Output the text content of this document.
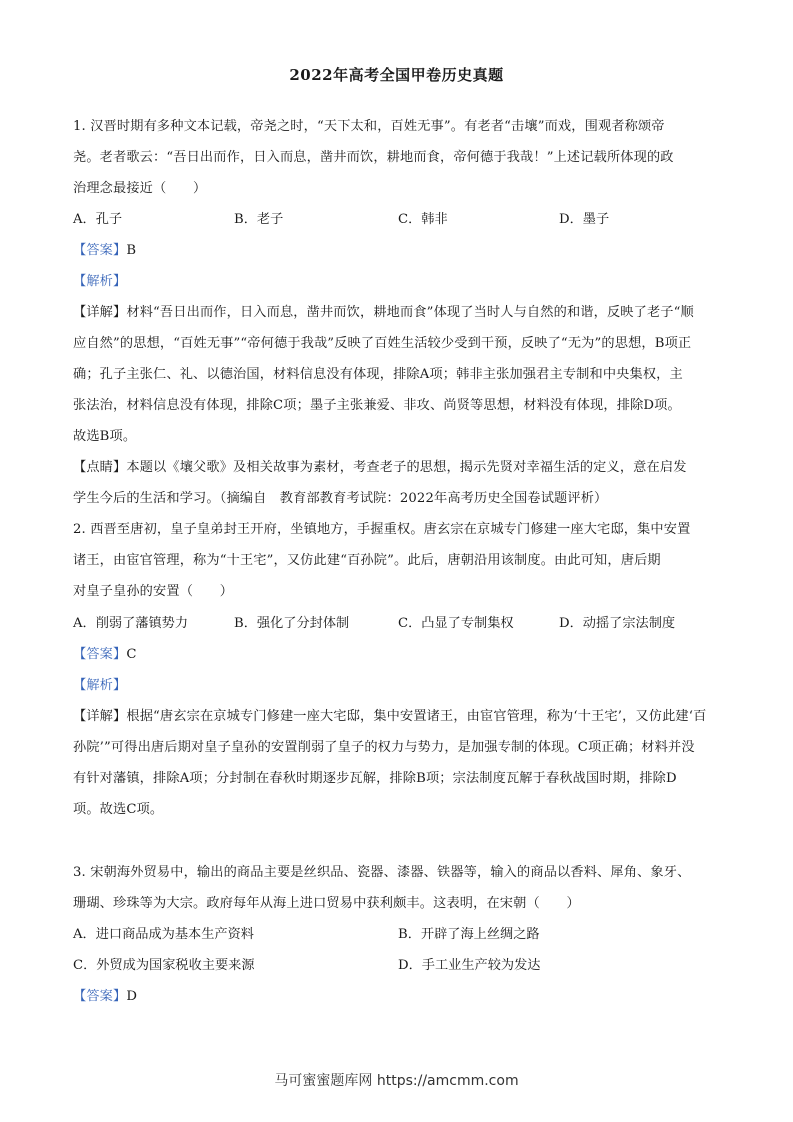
2022年高考全国甲卷历史真题
1. 汉晋时期有多种文本记载，帝尧之时，“天下太和，百姓无事”。有老者“击壤”而戏，围观者称颂帝
尧。老者歌云：“吾日出而作，日入而息，凿井而饮，耕地而食，帝何德于我哉！”上述记载所体现的政
治理念最接近（　　）
A．孔子	B．老子	C．韩非	D．墨子
【答案】B
【解析】
【详解】材料“吾日出而作，日入而息，凿井而饮，耕地而食”体现了当时人与自然的和谐，反映了老子“顺
应自然”的思想，“百姓无事”“帝何德于我哉”反映了百姓生活较少受到干预，反映了“无为”的思想，B项正
确；孔子主张仁、礼、以德治国，材料信息没有体现，排除A项；韩非主张加强君主专制和中央集权，主
张法治，材料信息没有体现，排除C项；墨子主张兼爱、非攻、尚贤等思想，材料没有体现，排除D项。
故选B项。
【点睛】本题以《壤父歌》及相关故事为素材，考查老子的思想，揭示先贤对幸福生活的定义，意在启发
学生今后的生活和学习。（摘编自　教育部教育考试院：2022年高考历史全国卷试题评析）
2. 西晋至唐初，皇子皇弟封王开府，坐镇地方，手握重权。唐玄宗在京城专门修建一座大宅邸，集中安置
诸王，由宦官管理，称为“十王宅”，又仿此建“百孙院”。此后，唐朝沿用该制度。由此可知，唐后期
对皇子皇孙的安置（　　）
A．削弱了藩镇势力	B．强化了分封体制	C．凸显了专制集权	D．动摇了宗法制度
【答案】C
【解析】
【详解】根据“唐玄宗在京城专门修建一座大宅邸，集中安置诸王，由宦官管理，称为‘十王宅’，又仿此建‘百
孙院’”可得出唐后期对皇子皇孙的安置削弱了皇子的权力与势力，是加强专制的体现。C项正确；材料并没
有针对藩镇，排除A项；分封制在春秋时期逐步瓦解，排除B项；宗法制度瓦解于春秋战国时期，排除D
项。故选C项。
3. 宋朝海外贸易中，输出的商品主要是丝织品、瓷器、漆器、铁器等，输入的商品以香料、犀角、象牙、
珊瑚、珍珠等为大宗。政府每年从海上进口贸易中获利颇丰。这表明，在宋朝（　　）
A．进口商品成为基本生产资料	B．开辟了海上丝绸之路
C．外贸成为国家税收主要来源	D．手工业生产较为发达
【答案】D
马可蜜蜜题库网 https://amcmm.com
